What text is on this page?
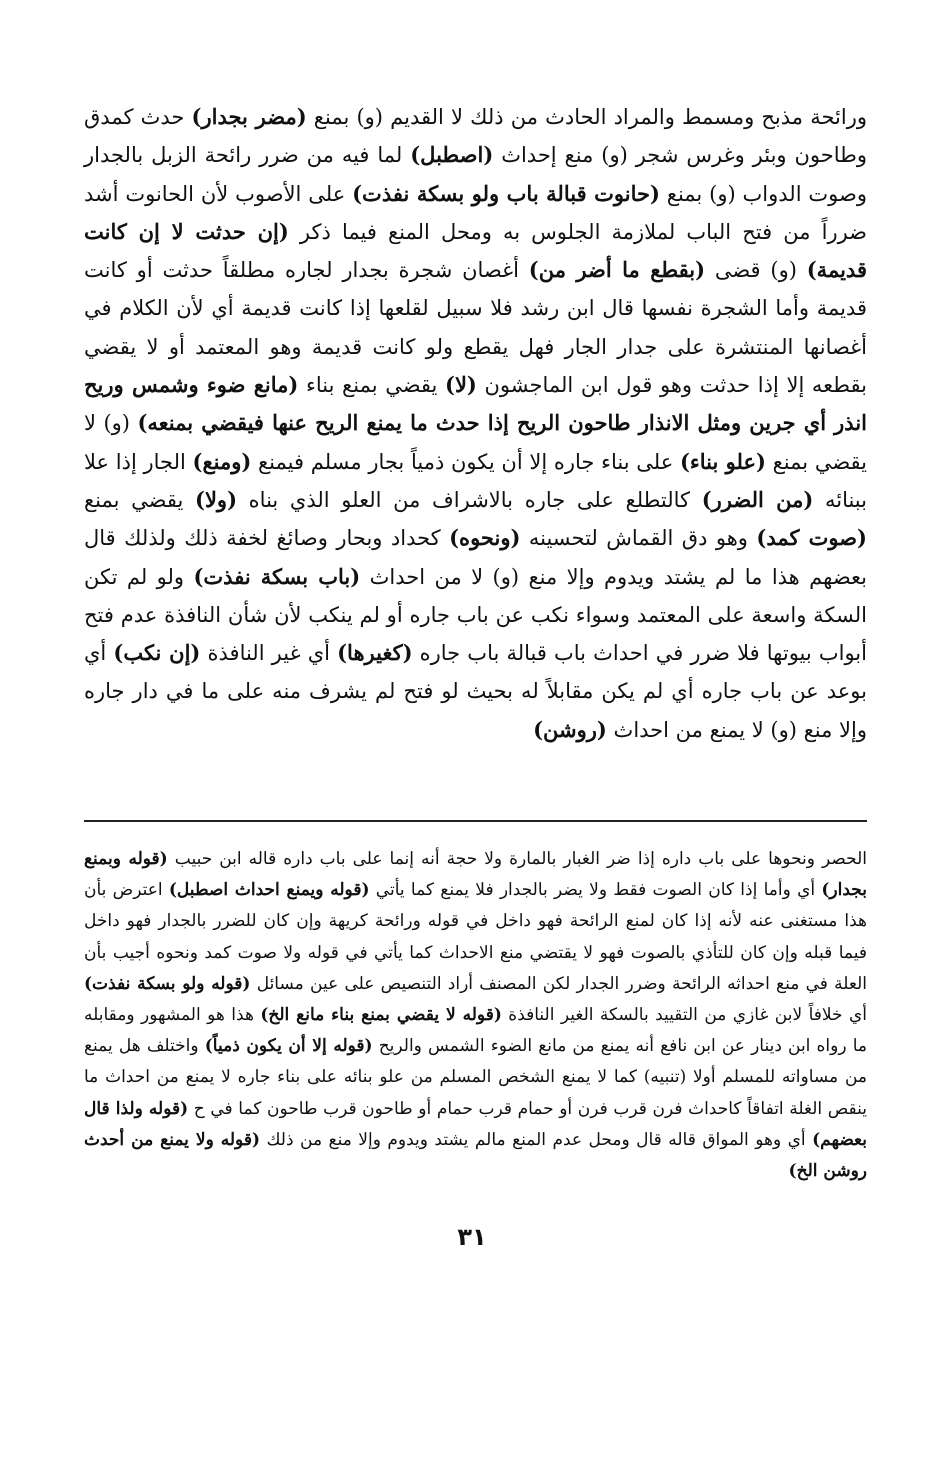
ورائحة مذبح ومسمط والمراد الحادث من ذلك لا القديم (و) بمنع (مضر بجدار) حدث كمدق وطاحون وبئر وغرس شجر (و) منع إحداث (اصطبل) لما فيه من ضرر رائحة الزبل بالجدار وصوت الدواب (و) بمنع (حانوت قبالة باب ولو بسكة نفذت) على الأصوب لأن الحانوت أشد ضرراً من فتح الباب لملازمة الجلوس به ومحل المنع فيما ذكر (إن حدثت لا إن كانت قديمة) (و) قضى (بقطع ما أضر من) أغصان شجرة بجدار لجاره مطلقاً حدثت أو كانت قديمة وأما الشجرة نفسها قال ابن رشد فلا سبيل لقلعها إذا كانت قديمة أي لأن الكلام في أغصانها المنتشرة على جدار الجار فهل يقطع ولو كانت قديمة وهو المعتمد أو لا يقضي بقطعه إلا إذا حدثت وهو قول ابن الماجشون (لا) يقضي بمنع بناء (مانع ضوء وشمس وريح انذر أي جرين ومثل الانذار طاحون الريح إذا حدث ما يمنع الريح عنها فيقضي بمنعه) (و) لا يقضي بمنع (علو بناء) على بناء جاره إلا أن يكون ذمياً بجار مسلم فيمنع (ومنع) الجار إذا علا ببنائه (من الضرر) كالتطلع على جاره بالاشراف من العلو الذي بناه (ولا) يقضي بمنع (صوت كمد) وهو دق القماش لتحسينه (ونحوه) كحداد وبحار وصائغ لخفة ذلك ولذلك قال بعضهم هذا ما لم يشتد ويدوم وإلا منع (و) لا من احداث (باب بسكة نفذت) ولو لم تكن السكة واسعة على المعتمد وسواء نكب عن باب جاره أو لم ينكب لأن شأن النافذة عدم فتح أبواب بيوتها فلا ضرر في احداث باب قبالة باب جاره (كغيرها) أي غير النافذة (إن نكب) أي بوعد عن باب جاره أي لم يكن مقابلاً له بحيث لو فتح لم يشرف منه على ما في دار جاره وإلا منع (و) لا يمنع من احداث (روشن)

الحصر ونحوها على باب داره إذا ضر الغبار بالمارة ولا حجة أنه إنما على باب داره قاله ابن حبيب (قوله وبمنع بجدار) أي وأما إذا كان الصوت فقط ولا يضر بالجدار فلا يمنع كما يأتي (قوله ويمنع احداث اصطبل) اعترض بأن هذا مستغنى عنه لأنه إذا كان لمنع الرائحة فهو داخل في قوله ورائحة كريهة وإن كان للضرر بالجدار فهو داخل فيما قبله وإن كان للتأذي بالصوت فهو لا يقتضي منع الاحداث كما يأتي في قوله ولا صوت كمد ونحوه أجيب بأن العلة في منع احداثه الرائحة وضرر الجدار لكن المصنف أراد التنصيص على عين مسائل (قوله ولو بسكة نفذت) أي خلافاً لابن غازي من التقييد بالسكة الغير النافذة (قوله لا يقضي بمنع بناء مانع الخ) هذا هو المشهور ومقابله ما رواه ابن دينار عن ابن نافع أنه يمنع من مانع الضوء الشمس والريح (قوله إلا أن يكون ذمياً) واختلف هل يمنع من مساواته للمسلم أولا (تنبيه) كما لا يمنع الشخص المسلم من علو بنائه على بناء جاره لا يمنع من احداث ما ينقص الغلة اتفاقاً كاحداث فرن قرب فرن أو حمام قرب حمام أو طاحون قرب طاحون كما في ح (قوله ولذا قال بعضهم) أي وهو المواق قاله قال ومحل عدم المنع مالم يشتد ويدوم وإلا منع من ذلك (قوله ولا يمنع من أحدث روشن الخ)

٣١
